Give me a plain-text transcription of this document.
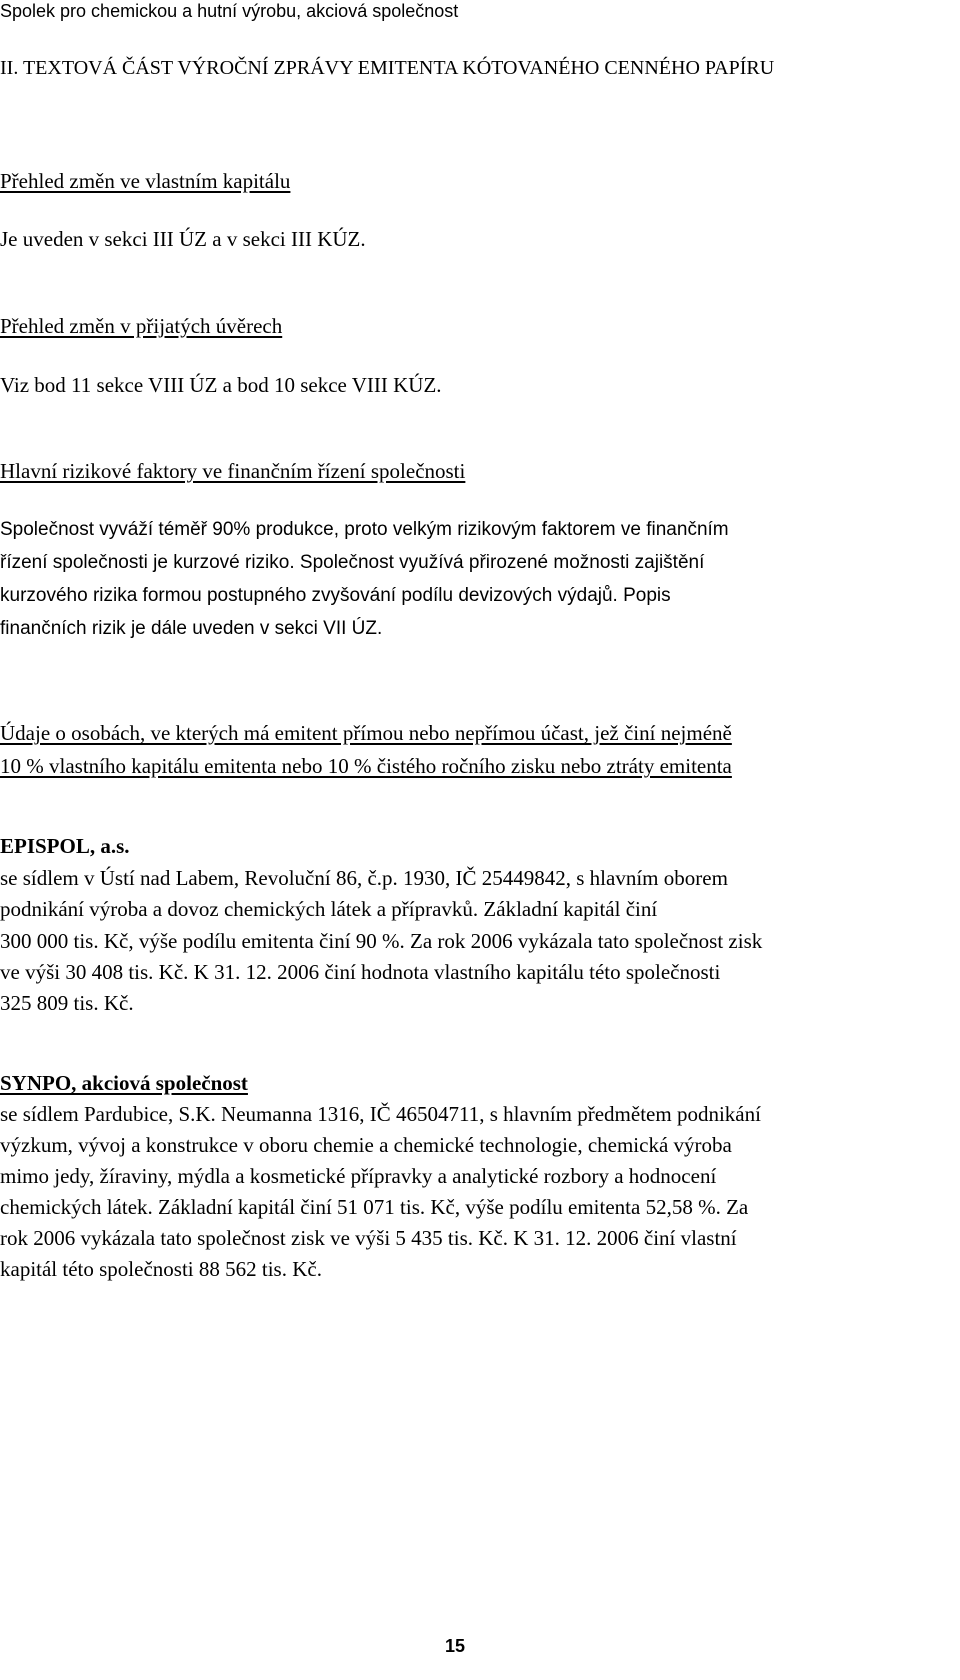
Spolek pro chemickou a hutní výrobu, akciová společnost
II. TEXTOVÁ ČÁST VÝROČNÍ ZPRÁVY EMITENTA KÓTOVANÉHO CENNÉHO PAPÍRU
Přehled změn ve vlastním kapitálu
Je uveden v sekci III ÚZ a v sekci III KÚZ.
Přehled změn v přijatých úvěrech
Viz bod 11 sekce VIII ÚZ a bod 10 sekce VIII KÚZ.
Hlavní rizikové faktory ve finančním řízení společnosti
Společnost vyváží téměř 90% produkce, proto velkým rizikovým faktorem ve finančním
řízení společnosti je kurzové riziko. Společnost využívá přirozené možnosti zajištění
kurzového rizika formou postupného zvyšování podílu devizových výdajů. Popis
finančních rizik je dále uveden v sekci VII ÚZ.
Údaje o osobách, ve kterých má emitent přímou nebo nepřímou účast, jež činí nejméně
10 % vlastního kapitálu emitenta nebo 10 % čistého ročního zisku nebo ztráty emitenta
EPISPOL, a.s.
se sídlem v Ústí nad Labem, Revoluční 86, č.p. 1930, IČ 25449842, s hlavním oborem
podnikání výroba a dovoz chemických látek a přípravků. Základní kapitál činí
300 000 tis. Kč, výše podílu emitenta činí 90 %. Za rok 2006 vykázala tato společnost zisk
ve výši 30 408 tis. Kč. K 31. 12. 2006 činí hodnota vlastního kapitálu této společnosti
325 809 tis. Kč.
SYNPO, akciová společnost
se sídlem Pardubice, S.K. Neumanna 1316, IČ 46504711, s hlavním předmětem podnikání
výzkum, vývoj a konstrukce v oboru chemie a chemické technologie, chemická výroba
mimo jedy, žíraviny, mýdla a kosmetické přípravky a analytické rozbory a hodnocení
chemických látek. Základní kapitál činí 51 071 tis. Kč, výše podílu emitenta 52,58 %. Za
rok 2006 vykázala tato společnost zisk ve výši 5 435 tis. Kč. K 31. 12. 2006 činí vlastní
kapitál této společnosti 88 562 tis. Kč.
15
